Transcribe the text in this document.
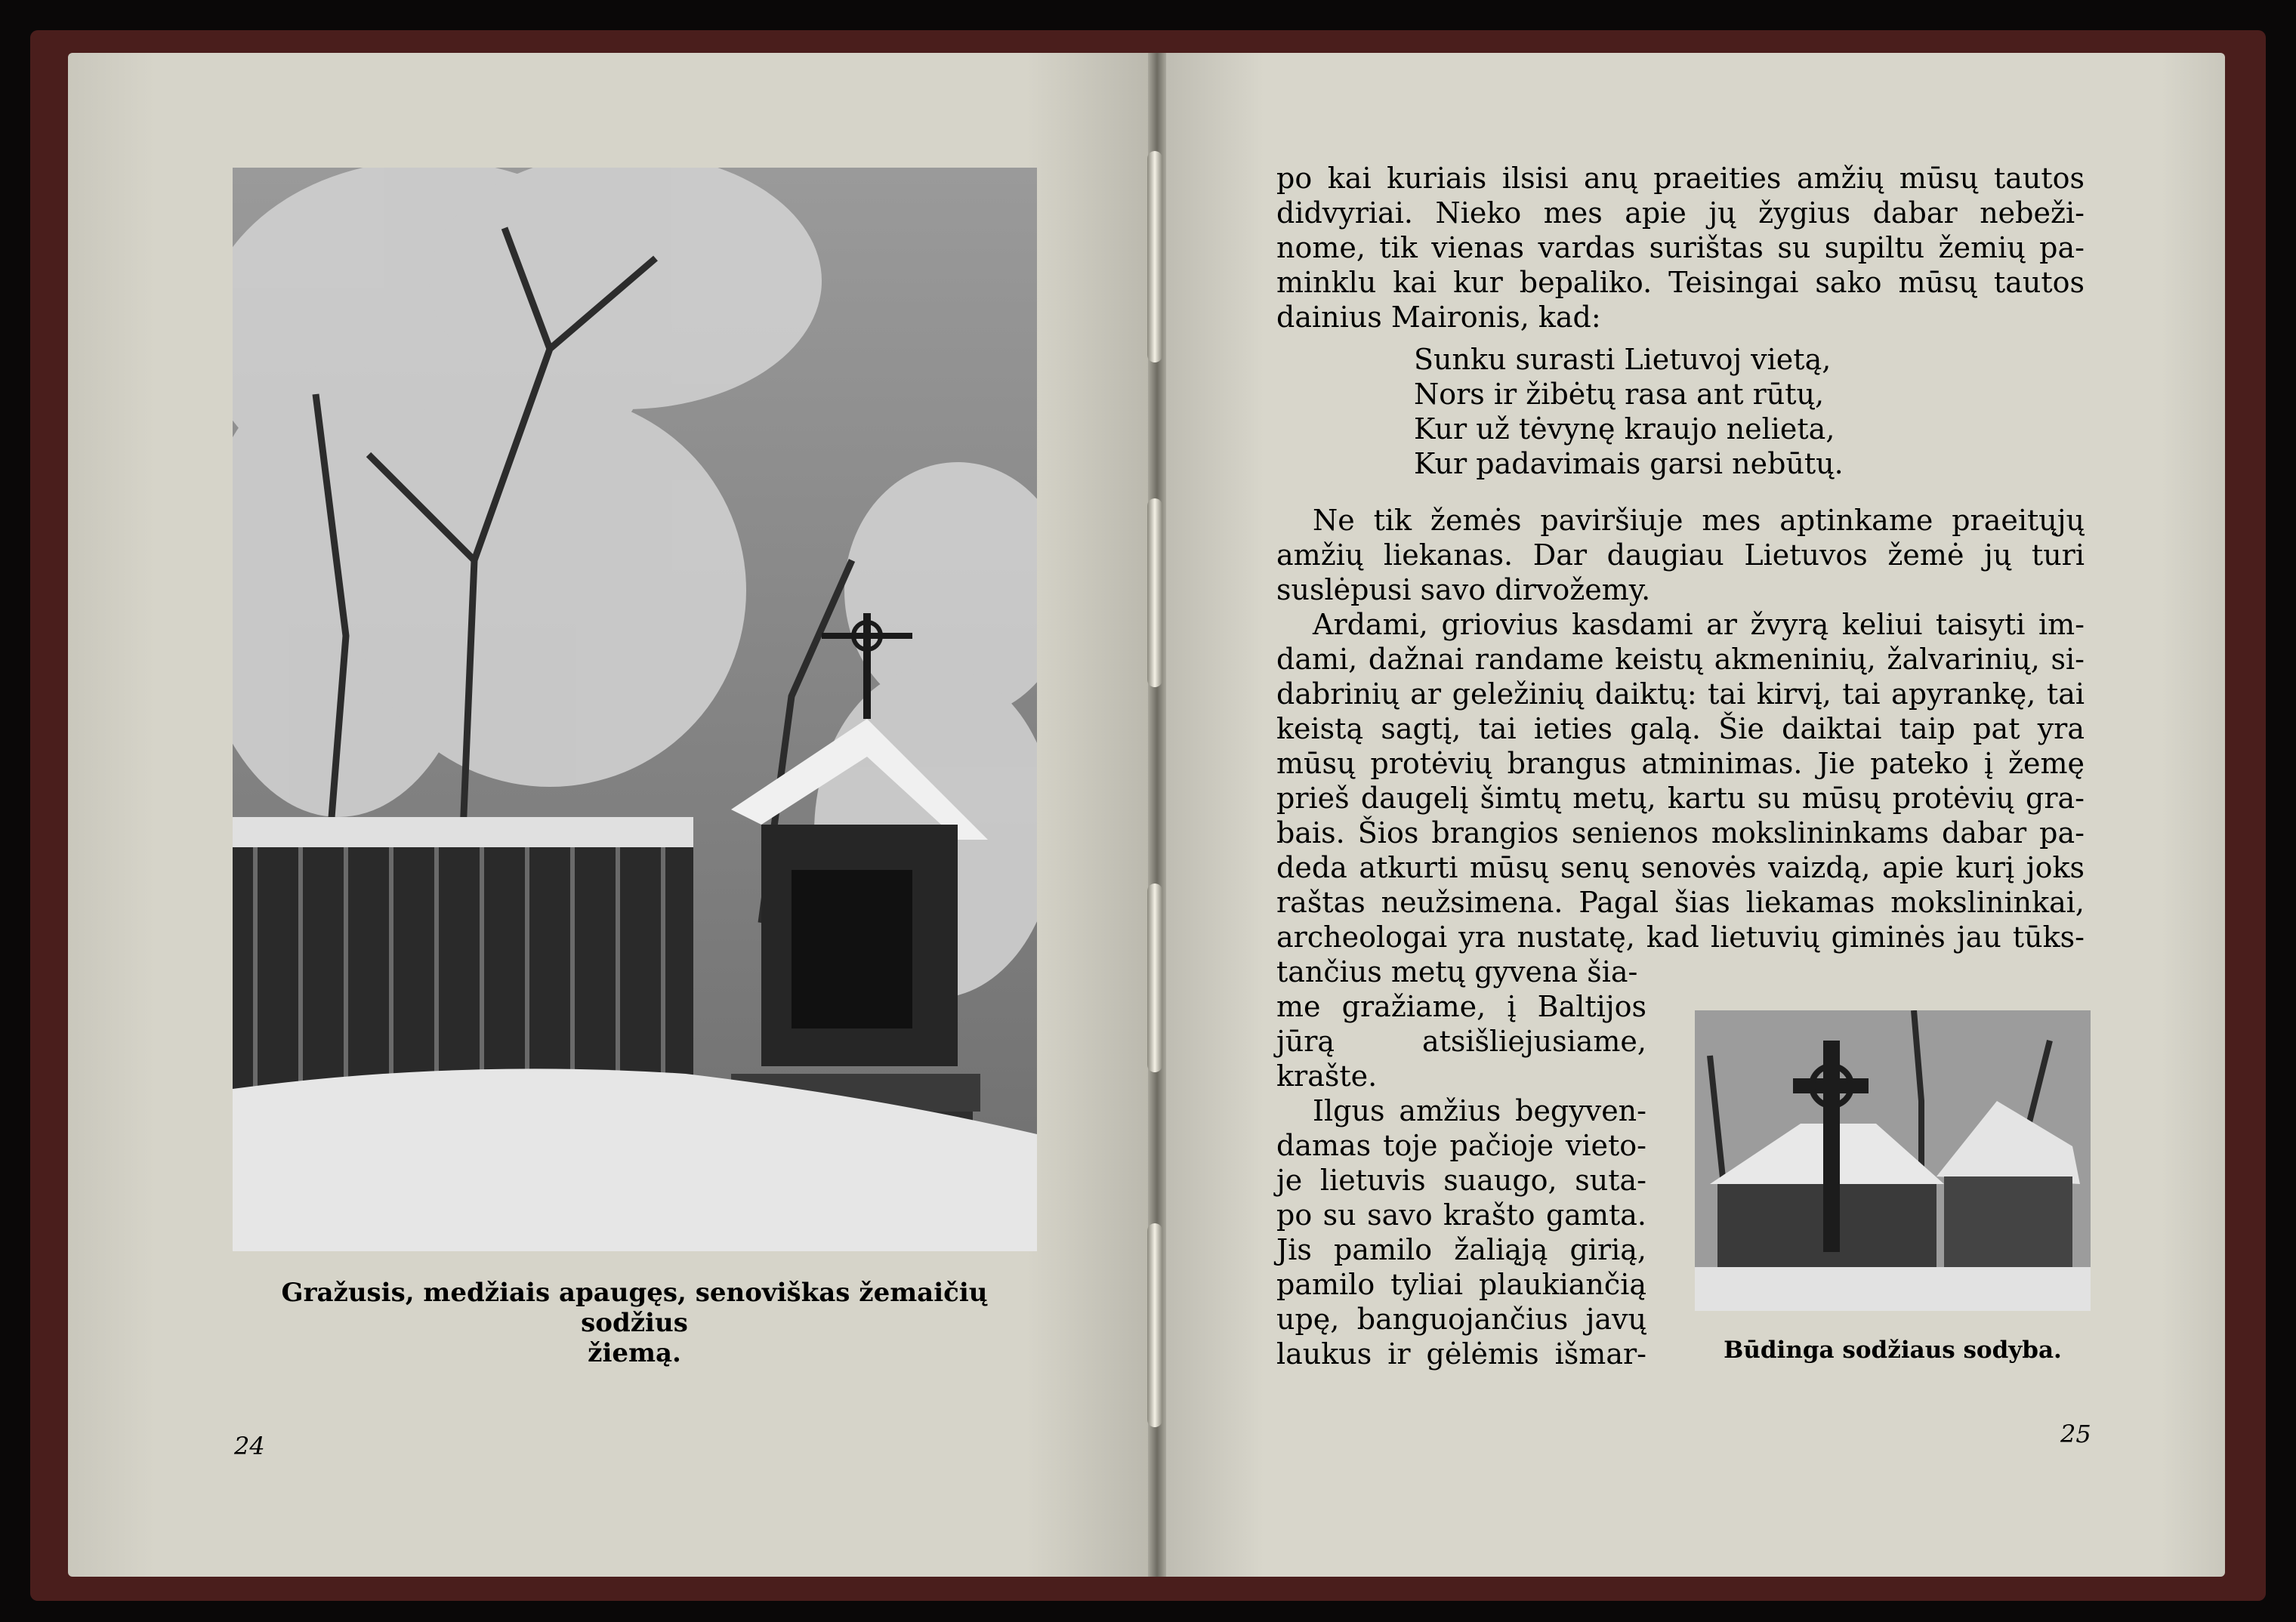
Gražusis, medžiais apaugęs, senoviškas žemaičių sodžius
žiemą.
24
po kai kuriais ilsisi anų praeities amžių mūsų tautos
didvyriai. Nieko mes apie jų žygius dabar nebeži-
nome, tik vienas vardas surištas su supiltu žemių pa-
minklu kai kur bepaliko. Teisingai sako mūsų tautos
dainius Maironis, kad:
Sunku surasti Lietuvoj vietą,
Nors ir žibėtų rasa ant rūtų,
Kur už tėvynę kraujo nelieta,
Kur padavimais garsi nebūtų.
Ne tik žemės paviršiuje mes aptinkame praeitųjų
amžių liekanas. Dar daugiau Lietuvos žemė jų turi
suslėpusi savo dirvožemy.
Ardami, griovius kasdami ar žvyrą keliui taisyti im-
dami, dažnai randame keistų akmeninių, žalvarinių, si-
dabrinių ar geležinių daiktų: tai kirvį, tai apyrankę, tai
keistą sagtį, tai ieties galą. Šie daiktai taip pat yra
mūsų protėvių brangus atminimas. Jie pateko į žemę
prieš daugelį šimtų metų, kartu su mūsų protėvių gra-
bais. Šios brangios senienos mokslininkams dabar pa-
deda atkurti mūsų senų senovės vaizdą, apie kurį joks
raštas neužsimena. Pagal šias liekamas mokslininkai,
archeologai yra nustatę, kad lietuvių giminės jau tūks-
tančius metų gyvena šia-
me gražiame, į Baltijos
jūrą atsišliejusiame,
krašte.
Ilgus amžius begyven-
damas toje pačioje vieto-
je lietuvis suaugo, suta-
po su savo krašto gamta.
Jis pamilo žaliąją girią,
pamilo tyliai plaukiančią
upę, banguojančius javų
laukus ir gėlėmis išmar-	Būdinga sodžiaus sodyba.
25
